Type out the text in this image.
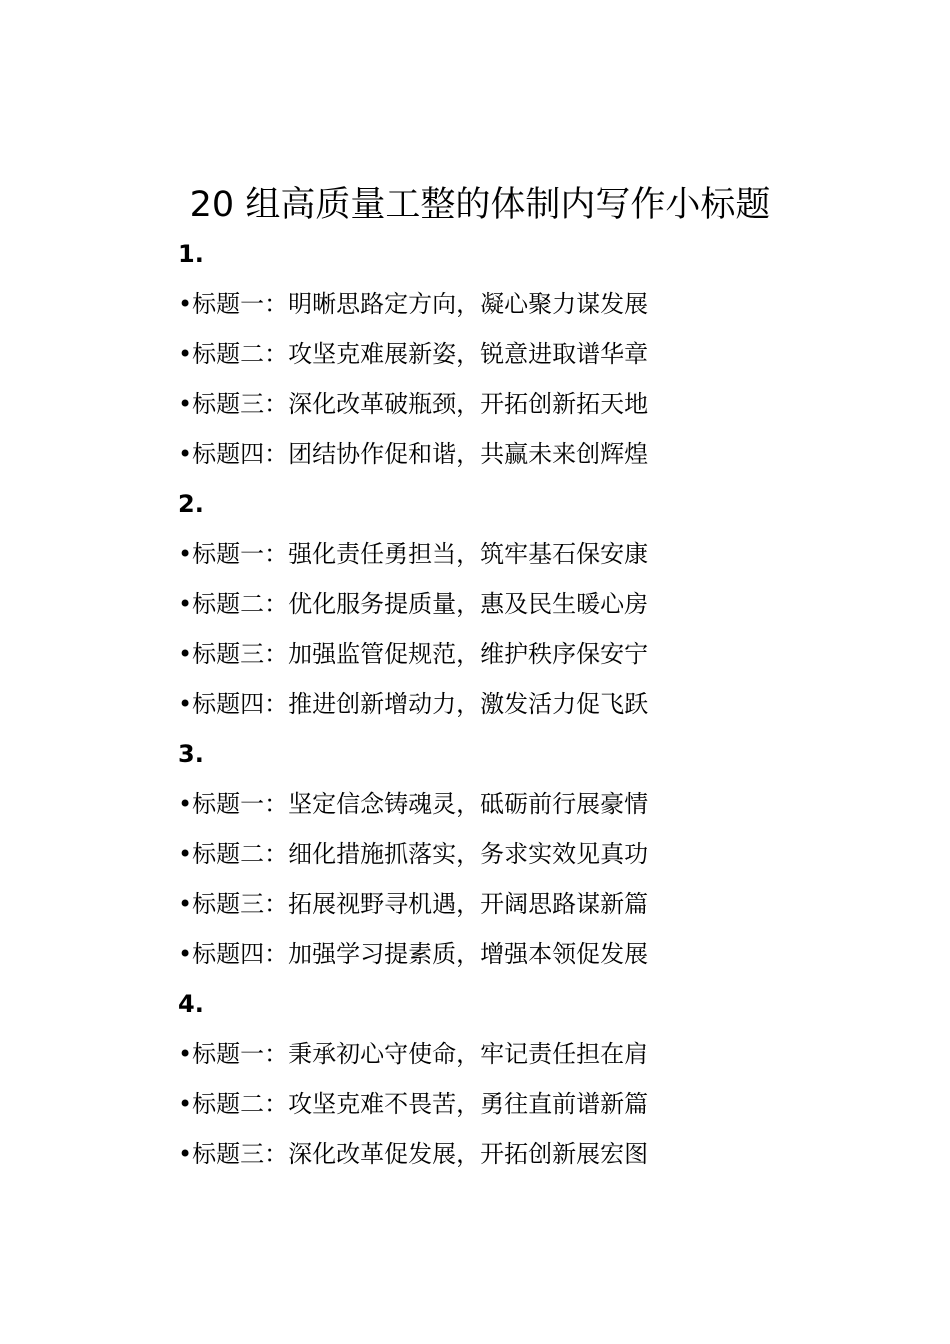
20 组高质量工整的体制内写作小标题
1.
•标题一：明晰思路定方向，凝心聚力谋发展
•标题二：攻坚克难展新姿，锐意进取谱华章
•标题三：深化改革破瓶颈，开拓创新拓天地
•标题四：团结协作促和谐，共赢未来创辉煌
2.
•标题一：强化责任勇担当，筑牢基石保安康
•标题二：优化服务提质量，惠及民生暖心房
•标题三：加强监管促规范，维护秩序保安宁
•标题四：推进创新增动力，激发活力促飞跃
3.
•标题一：坚定信念铸魂灵，砥砺前行展豪情
•标题二：细化措施抓落实，务求实效见真功
•标题三：拓展视野寻机遇，开阔思路谋新篇
•标题四：加强学习提素质，增强本领促发展
4.
•标题一：秉承初心守使命，牢记责任担在肩
•标题二：攻坚克难不畏苦，勇往直前谱新篇
•标题三：深化改革促发展，开拓创新展宏图
